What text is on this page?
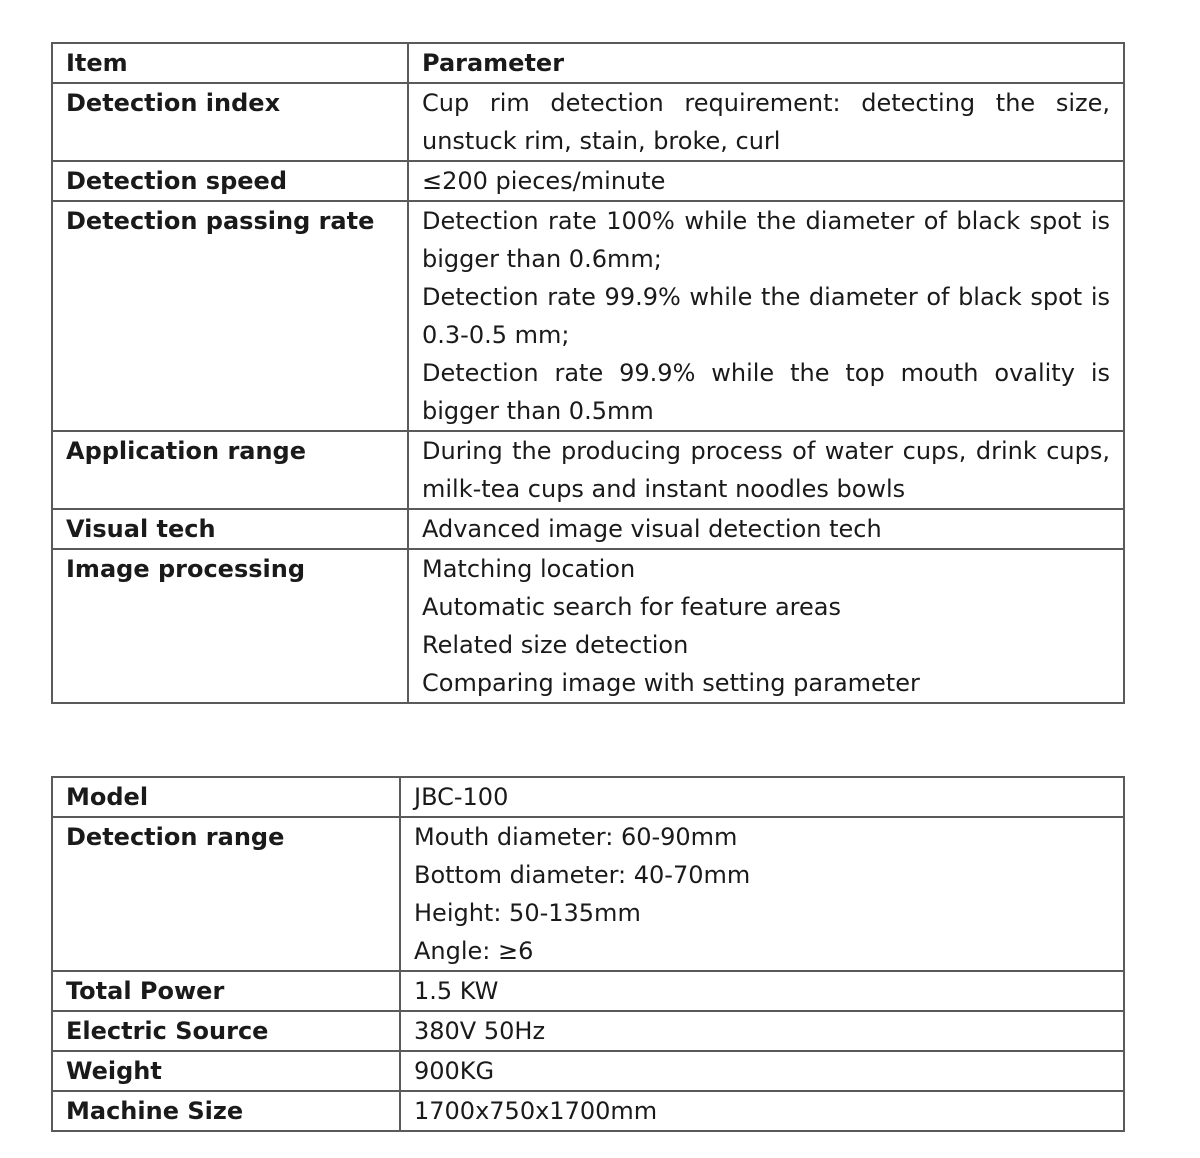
Item	Parameter
Detection index	Cup rim detection requirement: detecting the size, unstuck rim, stain, broke, curl

Detection speed	≤200 pieces/minute

Detection passing rate	Detection rate 100% while the diameter of black spot is bigger than 0.6mm;
Detection rate 99.9% while the diameter of black spot is 0.3-0.5 mm;
Detection rate 99.9% while the top mouth ovality is bigger than 0.5mm

Application range	During the producing process of water cups, drink cups, milk-tea cups and instant noodles bowls

Visual tech	Advanced image visual detection tech

Image processing	Matching location
Automatic search for feature areas
Related size detection
Comparing image with setting parameter
Model	JBC-100

Detection range	Mouth diameter: 60-90mm
Bottom diameter: 40-70mm
Height: 50-135mm
Angle: ≥6

Total Power	1.5 KW

Electric Source	380V 50Hz

Weight	900KG

Machine Size	1700x750x1700mm
